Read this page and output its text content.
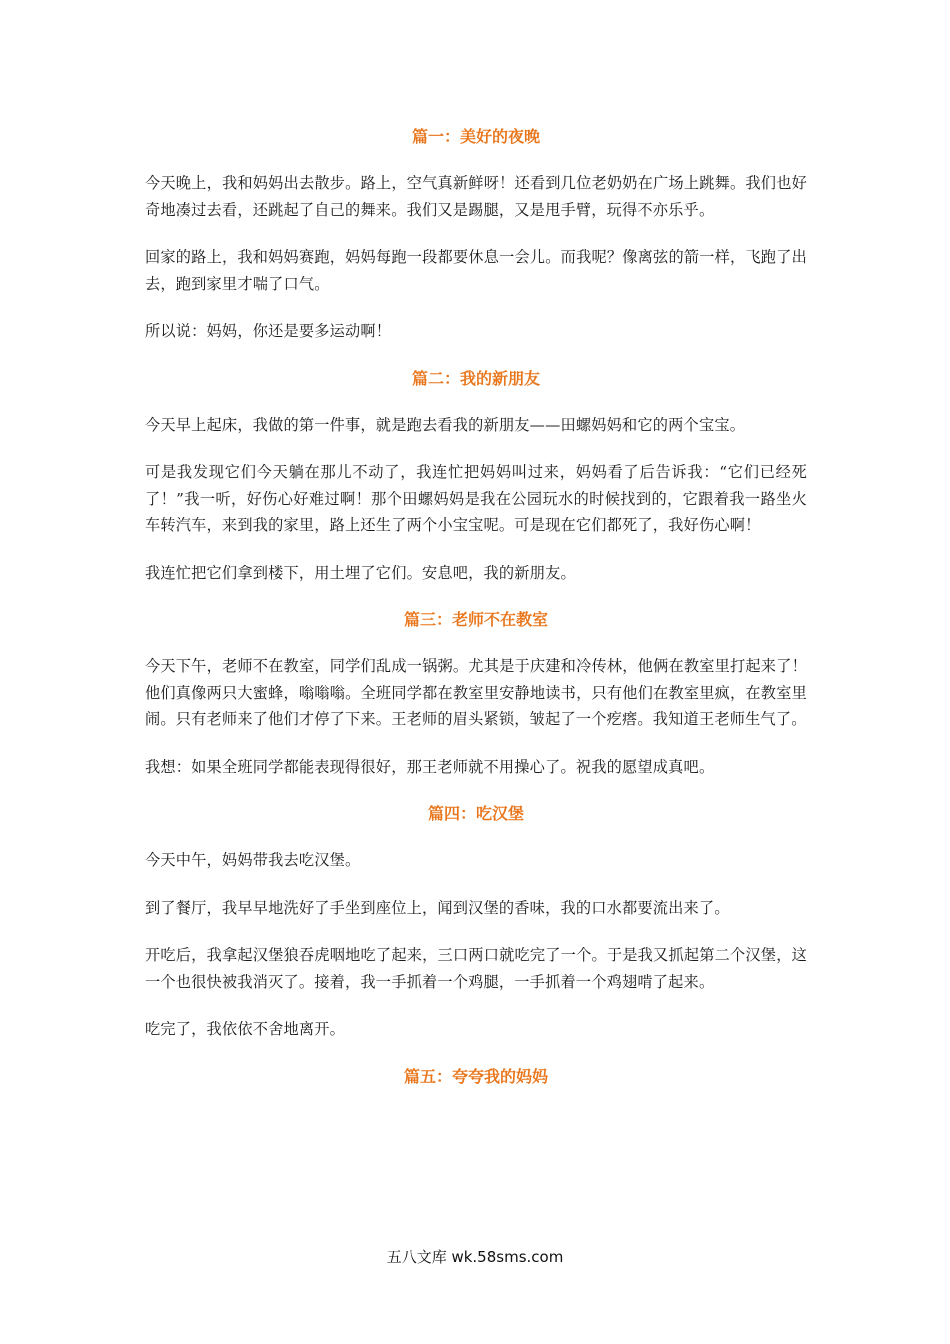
篇一：美好的夜晚

今天晚上，我和妈妈出去散步。路上，空气真新鲜呀！还看到几位老奶奶在广场上跳舞。我们也好奇地凑过去看，还跳起了自己的舞来。我们又是踢腿，又是甩手臂，玩得不亦乐乎。

回家的路上，我和妈妈赛跑，妈妈每跑一段都要休息一会儿。而我呢？像离弦的箭一样，飞跑了出去，跑到家里才喘了口气。

所以说：妈妈，你还是要多运动啊！

篇二：我的新朋友

今天早上起床，我做的第一件事，就是跑去看我的新朋友——田螺妈妈和它的两个宝宝。

可是我发现它们今天躺在那儿不动了，我连忙把妈妈叫过来，妈妈看了后告诉我：“它们已经死了！”我一听，好伤心好难过啊！那个田螺妈妈是我在公园玩水的时候找到的，它跟着我一路坐火车转汽车，来到我的家里，路上还生了两个小宝宝呢。可是现在它们都死了，我好伤心啊！

我连忙把它们拿到楼下，用土埋了它们。安息吧，我的新朋友。

篇三：老师不在教室

今天下午，老师不在教室，同学们乱成一锅粥。尤其是于庆建和冷传林，他俩在教室里打起来了！他们真像两只大蜜蜂，嗡嗡嗡。全班同学都在教室里安静地读书，只有他们在教室里疯，在教室里闹。只有老师来了他们才停了下来。王老师的眉头紧锁，皱起了一个疙瘩。我知道王老师生气了。

我想：如果全班同学都能表现得很好，那王老师就不用操心了。祝我的愿望成真吧。

篇四：吃汉堡

今天中午，妈妈带我去吃汉堡。

到了餐厅，我早早地洗好了手坐到座位上，闻到汉堡的香味，我的口水都要流出来了。

开吃后，我拿起汉堡狼吞虎咽地吃了起来，三口两口就吃完了一个。于是我又抓起第二个汉堡，这一个也很快被我消灭了。接着，我一手抓着一个鸡腿，一手抓着一个鸡翅啃了起来。

吃完了，我依依不舍地离开。

篇五：夸夸我的妈妈
五八文库 wk.58sms.com
